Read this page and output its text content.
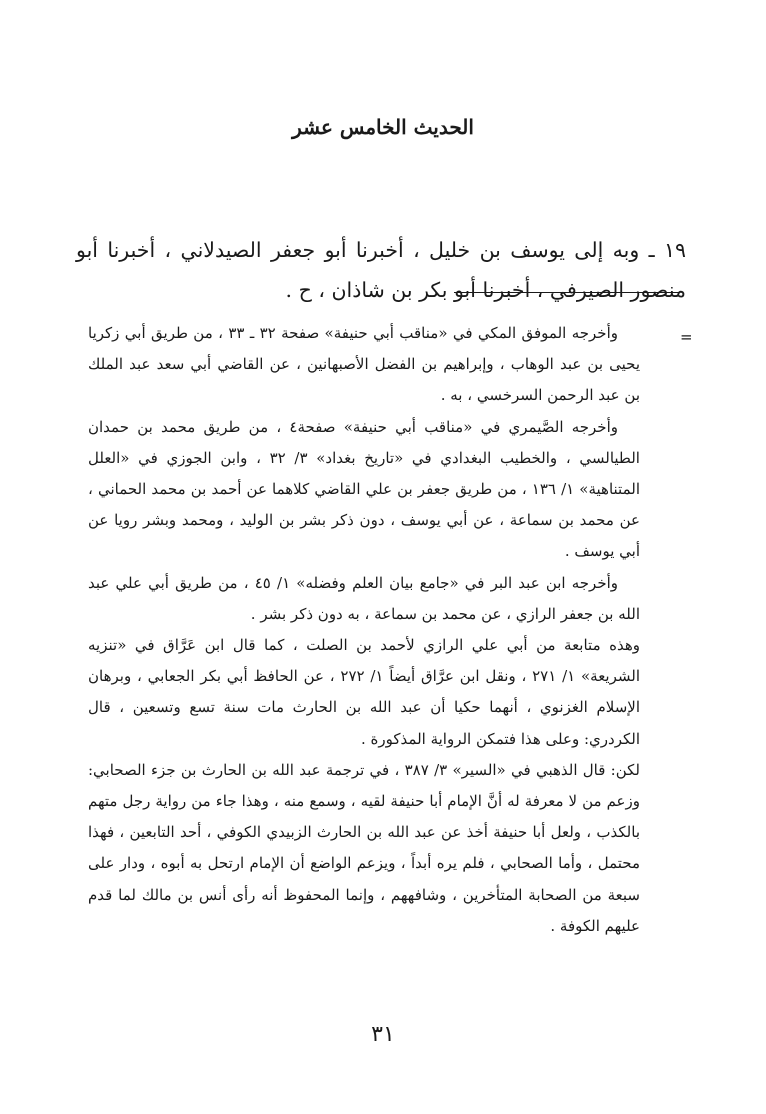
الحديث الخامس عشر

١٩ ـ وبه إلى يوسف بن خليل ، أخبرنا أبو جعفر الصيدلاني ، أخبرنا أبو منصور الصيرفي ، أخبرنا أبو بكر بن شاذان ، ح .

=

وأخرجه الموفق المكي في «مناقب أبي حنيفة» صفحة ٣٢ ـ ٣٣ ، من طريق أبي زكريا يحيى بن عبد الوهاب ، وإبراهيم بن الفضل الأصبهانين ، عن القاضي أبي سعد عبد الملك بن عبد الرحمن السرخسي ، به .

وأخرجه الصَّيمري في «مناقب أبي حنيفة» صفحة٤ ، من طريق محمد بن حمدان الطيالسي ، والخطيب البغدادي في «تاريخ بغداد» ٣/ ٣٢ ، وابن الجوزي في «العلل المتناهية» ١/ ١٣٦ ، من طريق جعفر بن علي القاضي كلاهما عن أحمد بن محمد الحماني ، عن محمد بن سماعة ، عن أبي يوسف ، دون ذكر بشر بن الوليد ، ومحمد وبشر رويا عن أبي يوسف .

وأخرجه ابن عبد البر في «جامع بيان العلم وفضله» ١/ ٤٥ ، من طريق أبي علي عبد الله بن جعفر الرازي ، عن محمد بن سماعة ، به دون ذكر بشر .

وهذه متابعة من أبي علي الرازي لأحمد بن الصلت ، كما قال ابن عَرَّاق في «تنزيه الشريعة» ١/ ٢٧١ ، ونقل ابن عرَّاق أيضاً ١/ ٢٧٢ ، عن الحافظ أبي بكر الجعابي ، وبرهان الإسلام الغزنوي ، أنهما حكيا أن عبد الله بن الحارث مات سنة تسع وتسعين ، قال الكردري: وعلى هذا فتمكن الرواية المذكورة .

لكن: قال الذهبي في «السير» ٣/ ٣٨٧ ، في ترجمة عبد الله بن الحارث بن جزء الصحابي: وزعم من لا معرفة له أنَّ الإمام أبا حنيفة لقيه ، وسمع منه ، وهذا جاء من رواية رجل متهم بالكذب ، ولعل أبا حنيفة أخذ عن عبد الله بن الحارث الزبيدي الكوفي ، أحد التابعين ، فهذا محتمل ، وأما الصحابي ، فلم يره أبداً ، ويزعم الواضع أن الإمام ارتحل به أبوه ، ودار على سبعة من الصحابة المتأخرين ، وشافههم ، وإنما المحفوظ أنه رأى أنس بن مالك لما قدم عليهم الكوفة .

٣١
